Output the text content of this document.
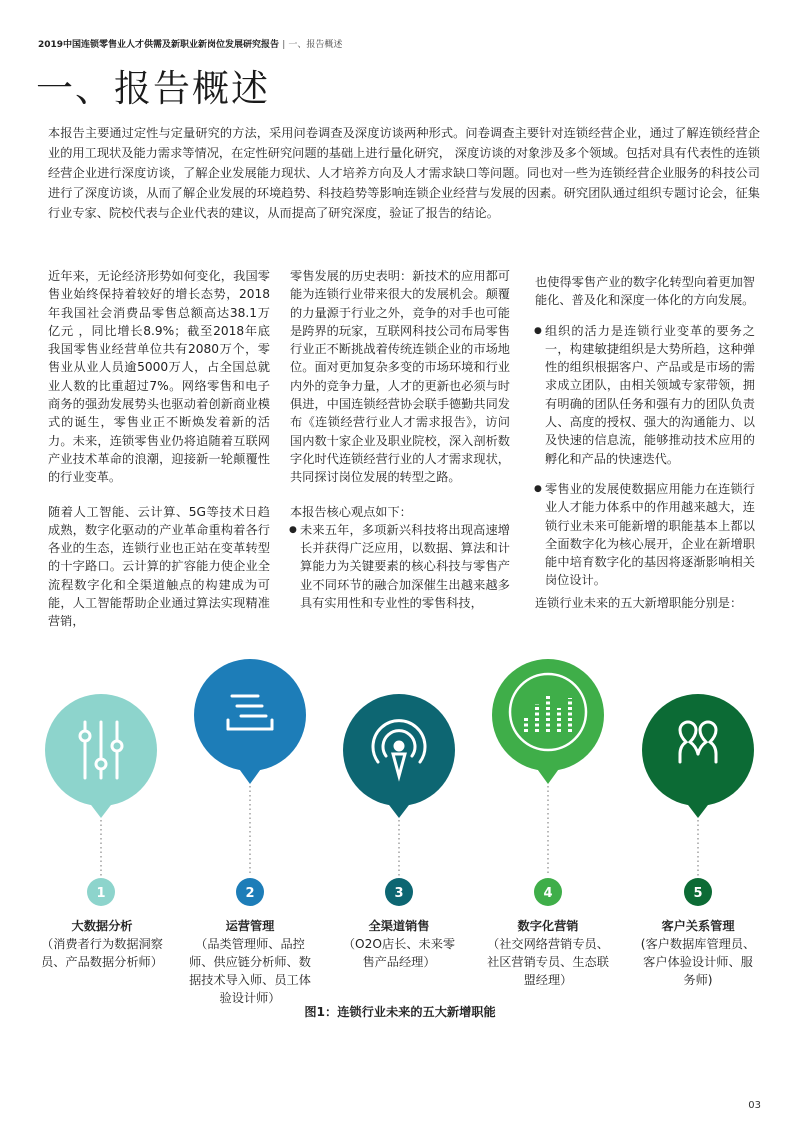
2019中国连锁零售业人才供需及新职业新岗位发展研究报告 | 一、报告概述
一、报告概述
本报告主要通过定性与定量研究的方法，采用问卷调查及深度访谈两种形式。问卷调查主要针对连锁经营企业，通过了解连锁经营企业的用工现状及能力需求等情况，在定性研究问题的基础上进行量化研究， 深度访谈的对象涉及多个领域。包括对具有代表性的连锁经营企业进行深度访谈，了解企业发展能力现状、人才培养方向及人才需求缺口等问题。同也对一些为连锁经营企业服务的科技公司进行了深度访谈，从而了解企业发展的环境趋势、科技趋势等影响连锁企业经营与发展的因素。研究团队通过组织专题讨论会，征集行业专家、院校代表与企业代表的建议，从而提高了研究深度，验证了报告的结论。

近年来，无论经济形势如何变化，我国零售业始终保持着较好的增长态势，2018年我国社会消费品零售总额高达38.1万亿元 ，同比增长8.9%；截至2018年底我国零售业经营单位共有2080万个，零售业从业人员逾5000万人，占全国总就业人数的比重超过7%。网络零售和电子商务的强劲发展势头也驱动着创新商业模式的诞生，零售业正不断焕发着新的活力。未来，连锁零售业仍将追随着互联网产业技术革命的浪潮，迎接新一轮颠覆性的行业变革。

随着人工智能、云计算、5G等技术日趋成熟，数字化驱动的产业革命重构着各行各业的生态，连锁行业也正站在变革转型的十字路口。云计算的扩容能力使企业全流程数字化和全渠道触点的构建成为可能，人工智能帮助企业通过算法实现精准营销，

零售发展的历史表明：新技术的应用都可能为连锁行业带来很大的发展机会。颠覆的力量源于行业之外，竞争的对手也可能是跨界的玩家，互联网科技公司布局零售行业正不断挑战着传统连锁企业的市场地位。面对更加复杂多变的市场环境和行业内外的竞争力量，人才的更新也必须与时俱进，中国连锁经营协会联手德勤共同发布《连锁经营行业人才需求报告》，访问国内数十家企业及职业院校，深入剖析数字化时代连锁经营行业的人才需求现状，共同探讨岗位发展的转型之路。

本报告核心观点如下：

● 未来五年，多项新兴科技将出现高速增长并获得广泛应用，以数据、算法和计算能力为关键要素的核心科技与零售产业不同环节的融合加深催生出越来越多具有实用性和专业性的零售科技，

也使得零售产业的数字化转型向着更加智能化、普及化和深度一体化的方向发展。

● 组织的活力是连锁行业变革的要务之一，构建敏捷组织是大势所趋，这种弹性的组织根据客户、产品或是市场的需求成立团队，由相关领域专家带领，拥有明确的团队任务和强有力的团队负责人、高度的授权、强大的沟通能力、以及快速的信息流，能够推动技术应用的孵化和产品的快速迭代。

● 零售业的发展使数据应用能力在连锁行业人才能力体系中的作用越来越大，连锁行业未来可能新增的职能基本上都以全面数字化为核心展开，企业在新增职能中培育数字化的基因将逐渐影响相关岗位设计。

连锁行业未来的五大新增职能分别是：

1	2	3	4	5
大数据分析
（消费者行为数据洞察员、产品数据分析师）
运营管理
（品类管理师、品控师、供应链分析师、数据技术导入师、员工体验设计师）
全渠道销售
（O2O店长、未来零售产品经理）
数字化营销
（社交网络营销专员、社区营销专员、生态联盟经理）
客户关系管理
(客户数据库管理员、客户体验设计师、服务师)
图1：连锁行业未来的五大新增职能
03
